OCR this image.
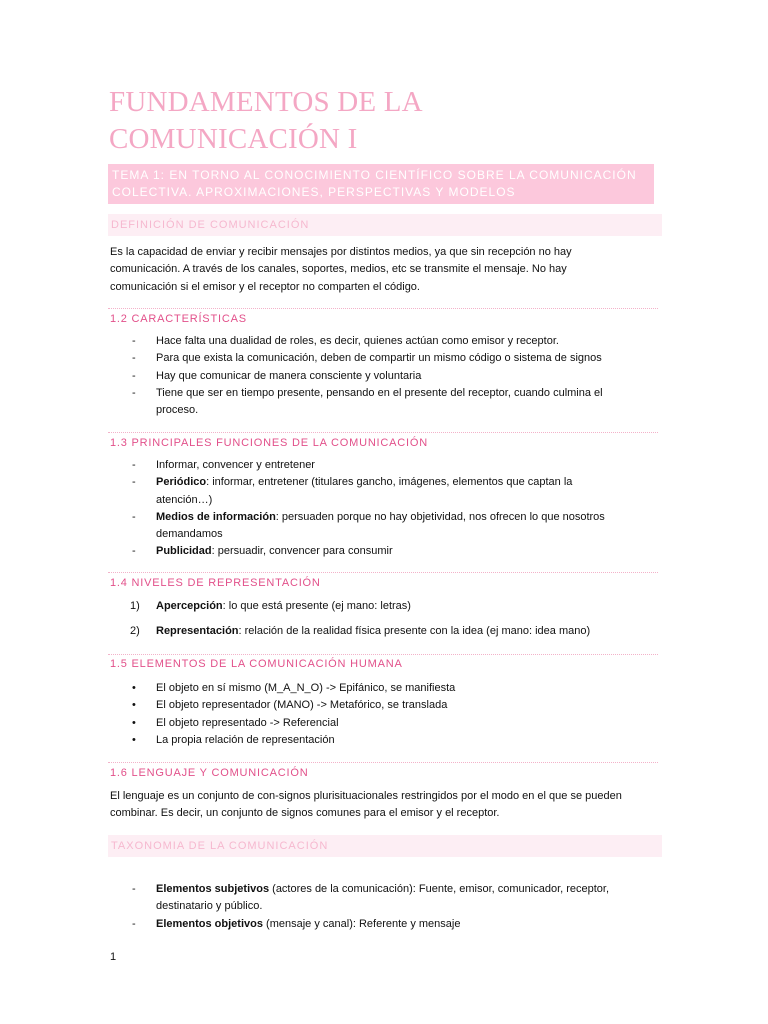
FUNDAMENTOS DE LA
COMUNICACIÓN I
TEMA 1: EN TORNO AL CONOCIMIENTO CIENTÍFICO SOBRE LA COMUNICACIÓN
COLECTIVA. APROXIMACIONES, PERSPECTIVAS Y MODELOS
DEFINICIÓN DE COMUNICACIÓN
Es la capacidad de enviar y recibir mensajes por distintos medios, ya que sin recepción no hay
comunicación. A través de los canales, soportes, medios, etc se transmite el mensaje. No hay
comunicación si el emisor y el receptor no comparten el código.
1.2 CARACTERÍSTICAS
- Hace falta una dualidad de roles, es decir, quienes actúan como emisor y receptor.
- Para que exista la comunicación, deben de compartir un mismo código o sistema de signos
- Hay que comunicar de manera consciente y voluntaria
- Tiene que ser en tiempo presente, pensando en el presente del receptor, cuando culmina el
proceso.
1.3 PRINCIPALES FUNCIONES DE LA COMUNICACIÓN
- Informar, convencer y entretener
- Periódico: informar, entretener (titulares gancho, imágenes, elementos que captan la
atención…)
- Medios de información: persuaden porque no hay objetividad, nos ofrecen lo que nosotros
demandamos
- Publicidad: persuadir, convencer para consumir
1.4 NIVELES DE REPRESENTACIÓN
1) Apercepción: lo que está presente (ej mano: letras)
2) Representación: relación de la realidad física presente con la idea (ej mano: idea mano)
1.5 ELEMENTOS DE LA COMUNICACIÓN HUMANA
• El objeto en sí mismo (M_A_N_O) -> Epifánico, se manifiesta
• El objeto representador (MANO) -> Metafórico, se translada
• El objeto representado -> Referencial
• La propia relación de representación
1.6 LENGUAJE Y COMUNICACIÓN
El lenguaje es un conjunto de con-signos plurisituacionales restringidos por el modo en el que se pueden
combinar. Es decir, un conjunto de signos comunes para el emisor y el receptor.
TAXONOMIA DE LA COMUNICACIÓN
- Elementos subjetivos (actores de la comunicación): Fuente, emisor, comunicador, receptor,
destinatario y público.
- Elementos objetivos (mensaje y canal): Referente y mensaje
1
